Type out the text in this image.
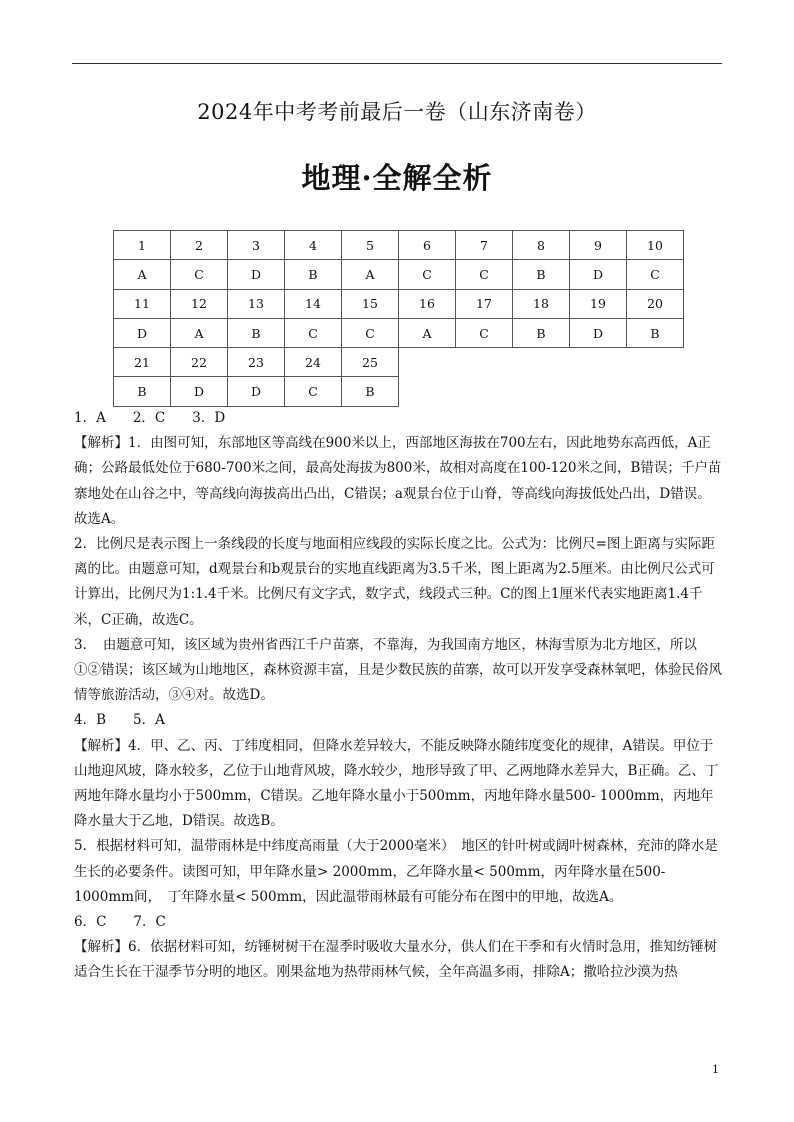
2024年中考考前最后一卷（山东济南卷）
地理·全解全析
1	2	3	4	5	6	7	8	9	10
A	C	D	B	A	C	C	B	D	C
11	12	13	14	15	16	17	18	19	20
D	A	B	C	C	A	C	B	D	B
21	22	23	24	25					
B	D	D	C	B					

1．A　　2．C　　3．D

【解析】1．由图可知，东部地区等高线在900米以上，西部地区海拔在700左右，因此地势东高西低，A正确；公路最低处位于680-700米之间，最高处海拔为800米，故相对高度在100-120米之间，B错误；千户苗寨地处在山谷之中，等高线向海拔高出凸出，C错误；a观景台位于山脊，等高线向海拔低处凸出，D错误。故选A。

2．比例尺是表示图上一条线段的长度与地面相应线段的实际长度之比。公式为：比例尺=图上距离与实际距离的比。由题意可知，d观景台和b观景台的实地直线距离为3.5千米，图上距离为2.5厘米。由比例尺公式可计算出，比例尺为1:1.4千米。比例尺有文字式，数字式，线段式三种。C的图上1厘米代表实地距离1.4千米，C正确，故选C。

3．　由题意可知，该区域为贵州省西江千户苗寨，不靠海，为我国南方地区，林海雪原为北方地区，所以①②错误；该区域为山地地区，森林资源丰富，且是少数民族的苗寨，故可以开发享受森林氧吧，体验民俗风情等旅游活动，③④对。故选D。

4．B　　5．A

【解析】4．甲、乙、丙、丁纬度相同，但降水差异较大，不能反映降水随纬度变化的规律，A错误。甲位于山地迎风坡，降水较多，乙位于山地背风坡，降水较少，地形导致了甲、乙两地降水差异大，B正确。乙、丁两地年降水量均小于500mm，C错误。乙地年降水量小于500mm，丙地年降水量500- 1000mm，丙地年降水量大于乙地，D错误。故选B。

5．根据材料可知，温带雨林是中纬度高雨量（大于2000毫米）　地区的针叶树或阔叶树森林，充沛的降水是生长的必要条件。读图可知，甲年降水量> 2000mm，乙年降水量< 500mm，丙年降水量在500-1000mm间，　丁年降水量< 500mm，因此温带雨林最有可能分布在图中的甲地，故选A。

6．C　　7．C

【解析】6．依据材料可知，纺锤树树干在湿季时吸收大量水分，供人们在干季和有火情时急用，推知纺锤树适合生长在干湿季节分明的地区。刚果盆地为热带雨林气候，全年高温多雨，排除A；撒哈拉沙漠为热

1
